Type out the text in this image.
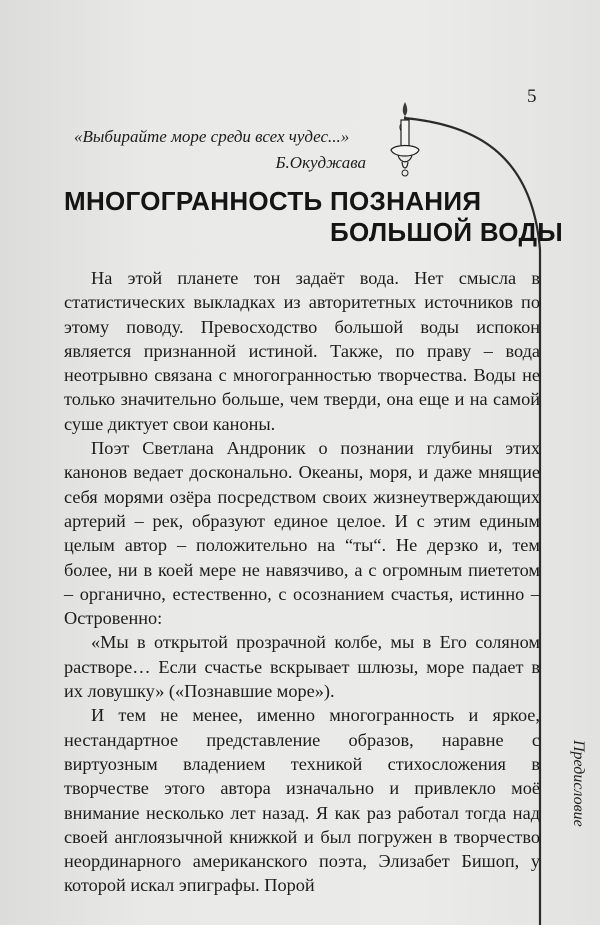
5
«Выбирайте море среди всех чудес...»
Б.Окуджава
МНОГОГРАННОСТЬ ПОЗНАНИЯ
БОЛЬШОЙ ВОДЫ

На этой планете тон задаёт вода. Нет смысла в статистических выкладках из авторитетных источников по этому поводу. Превосходство большой воды испокон является признанной истиной. Также, по праву – вода неотрывно связана с многогранностью творчества. Воды не только значительно больше, чем тверди, она еще и на самой суше диктует свои каноны.

Поэт Светлана Андроник о познании глубины этих канонов ведает досконально. Океаны, моря, и даже мнящие себя морями озёра посредством своих жизнеутверждающих артерий – рек, образуют единое целое. И с этим единым целым автор – положительно на “ты“. Не дерзко и, тем более, ни в коей мере не навязчиво, а с огромным пиететом – органично, естественно, с осознанием счастья, истинно – Островенно:

«Мы в открытой прозрачной колбе, мы в Его соляном растворе… Если счастье вскрывает шлюзы, море падает в их ловушку» («Познавшие море»).

И тем не менее, именно многогранность и яркое, нестандартное представление образов, наравне с виртуозным владением техникой стихосложения в творчестве этого автора изначально и привлекло моё внимание несколько лет назад. Я как раз работал тогда над своей англоязычной книжкой и был погружен в творчество неординарного американского поэта, Элизабет Бишоп, у которой искал эпиграфы. Порой

Предисловие
